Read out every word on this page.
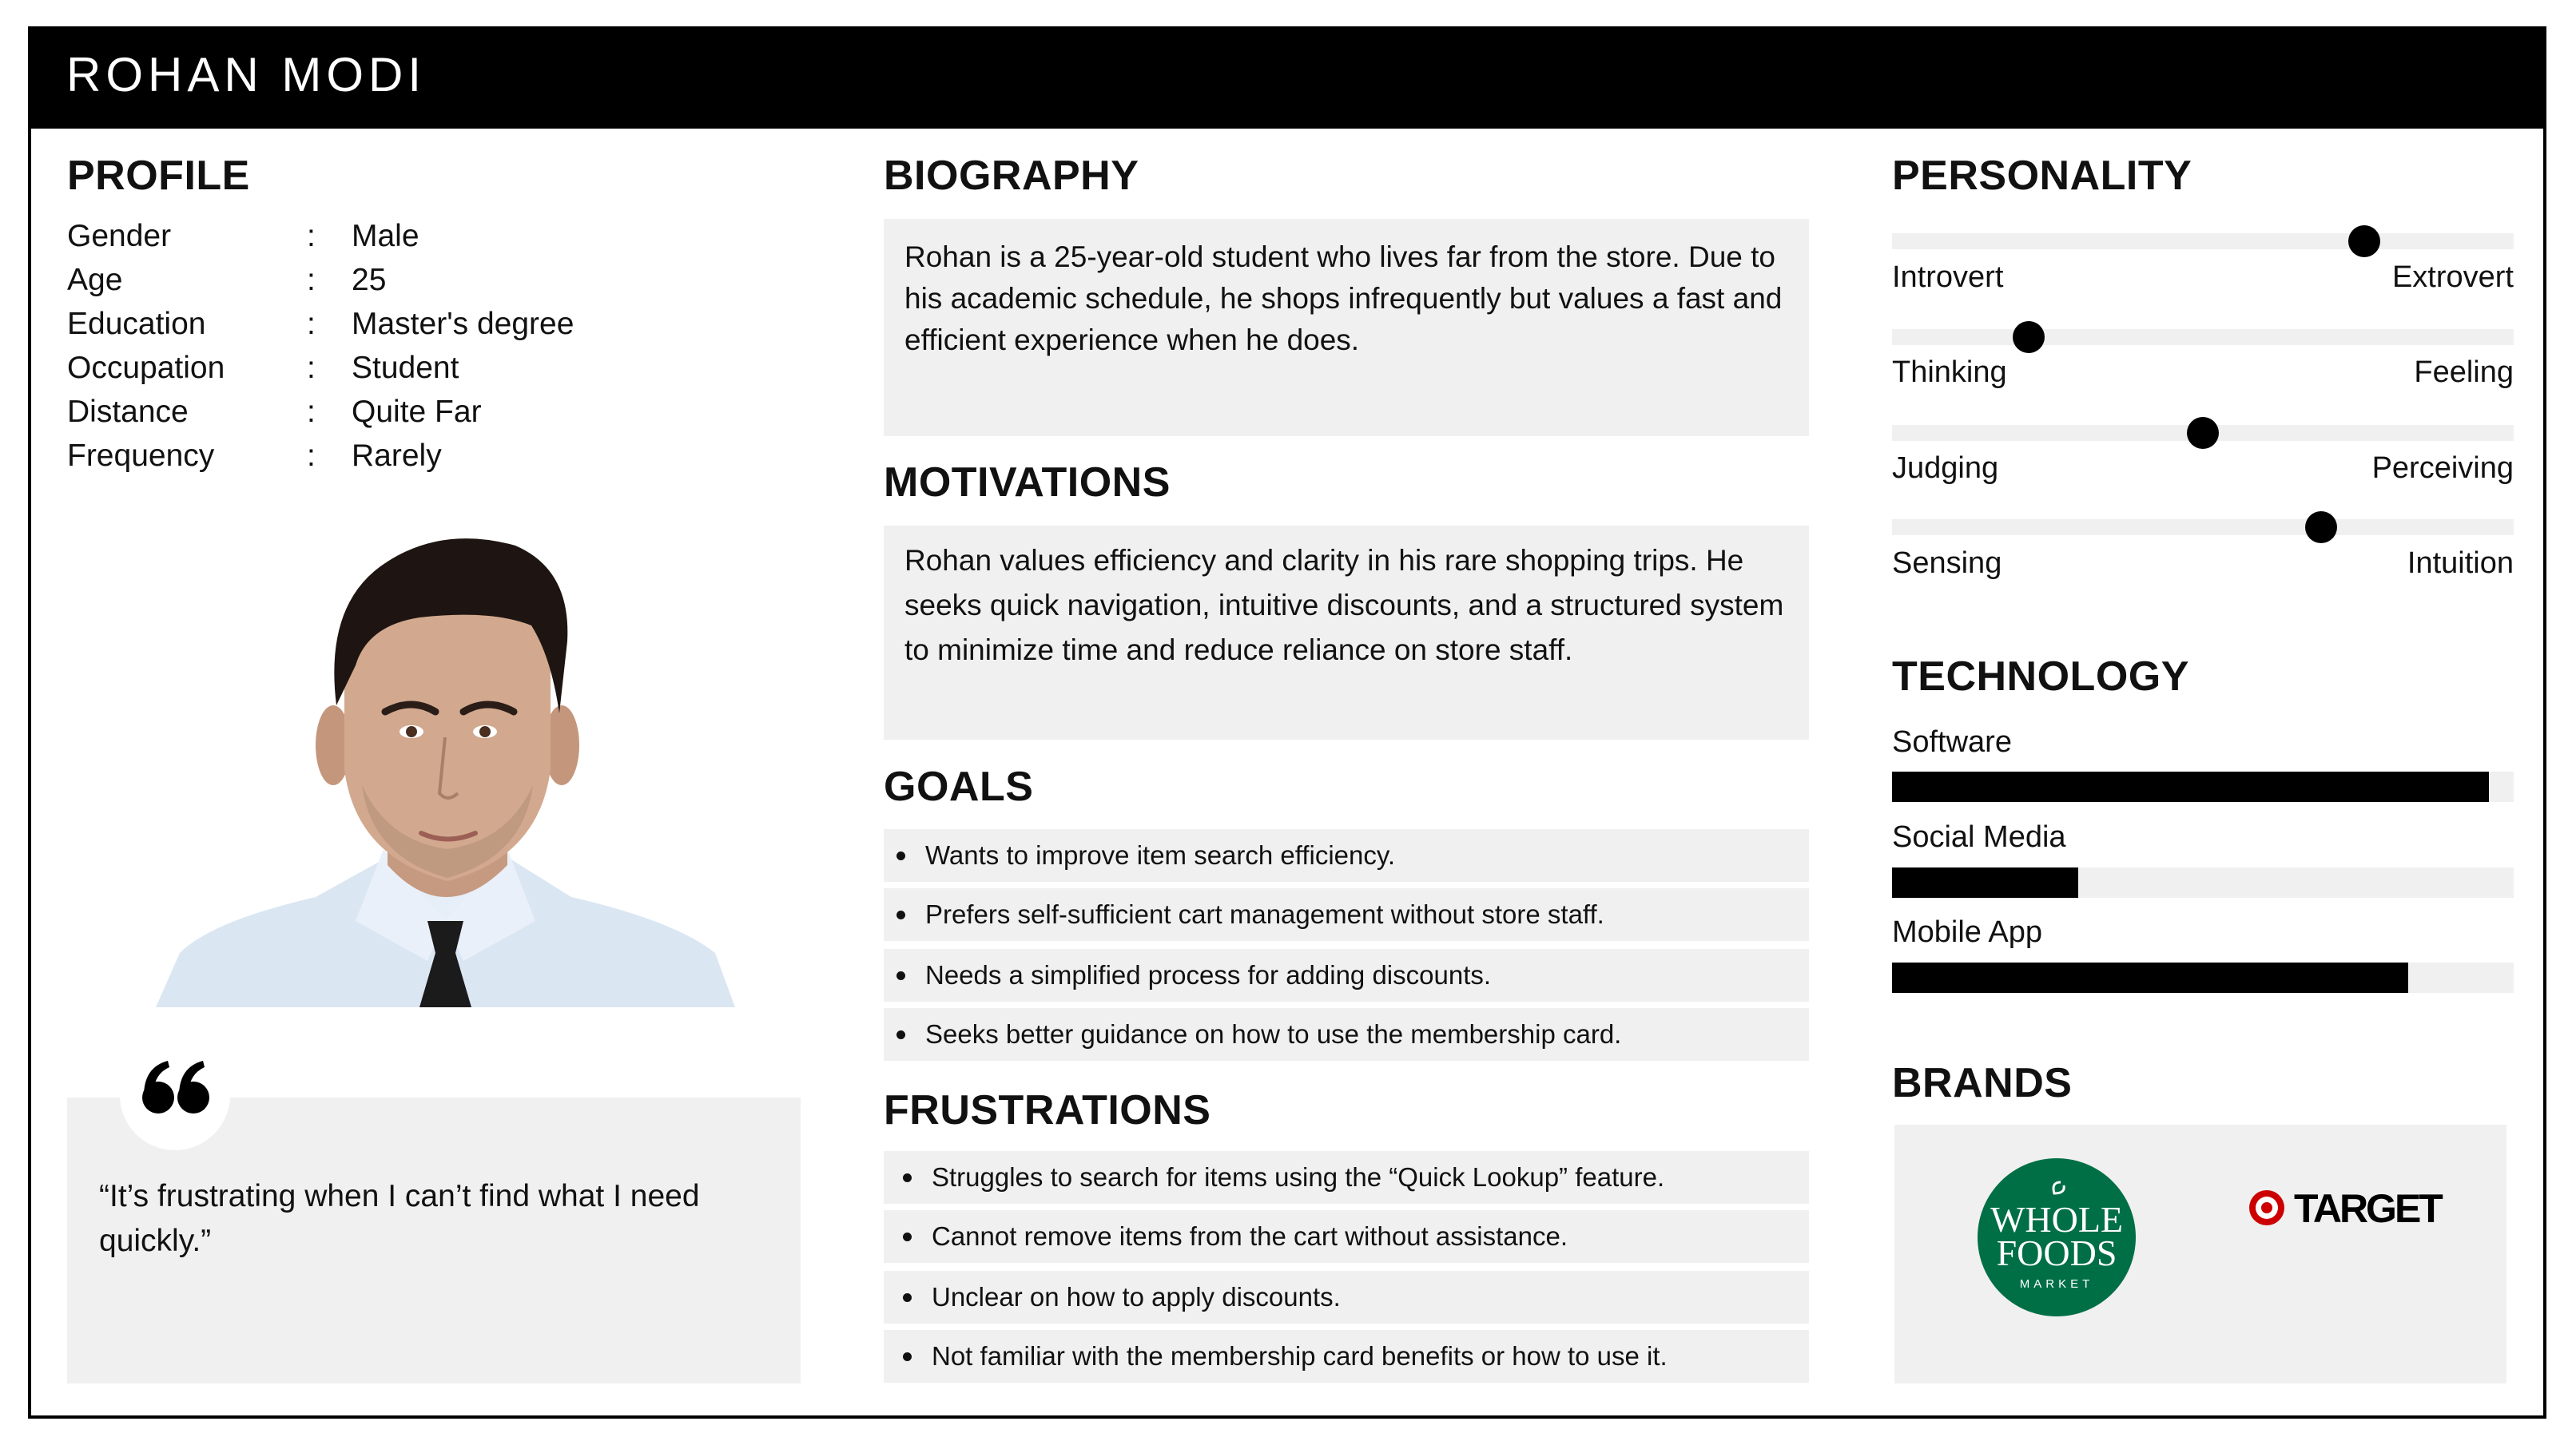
ROHAN MODI
PROFILE
Gender	:	Male
Age	:	25
Education	:	Master's degree
Occupation	:	Student
Distance	:	Quite Far
Frequency	:	Rarely
“It’s frustrating when I can’t find what I need quickly.”
BIOGRAPHY
Rohan is a 25-year-old student who lives far from the store. Due to his academic schedule, he shops infrequently but values a fast and efficient experience when he does.
MOTIVATIONS
Rohan values efficiency and clarity in his rare shopping trips. He seeks quick navigation, intuitive discounts, and a structured system to minimize time and reduce reliance on store staff.
GOALS
Wants to improve item search efficiency.
Prefers self-sufficient cart management without store staff.
Needs a simplified process for adding discounts.
Seeks better guidance on how to use the membership card.
FRUSTRATIONS
Struggles to search for items using the “Quick Lookup” feature.
Cannot remove items from the cart without assistance.
Unclear on how to apply discounts.
Not familiar with the membership card benefits or how to use it.
PERSONALITY
Introvert	Extrovert
Thinking	Feeling
Judging	Perceiving
Sensing	Intuition
TECHNOLOGY
Software
Social Media
Mobile App
BRANDS
WHOLE
FOODS
MARKET
TARGET
